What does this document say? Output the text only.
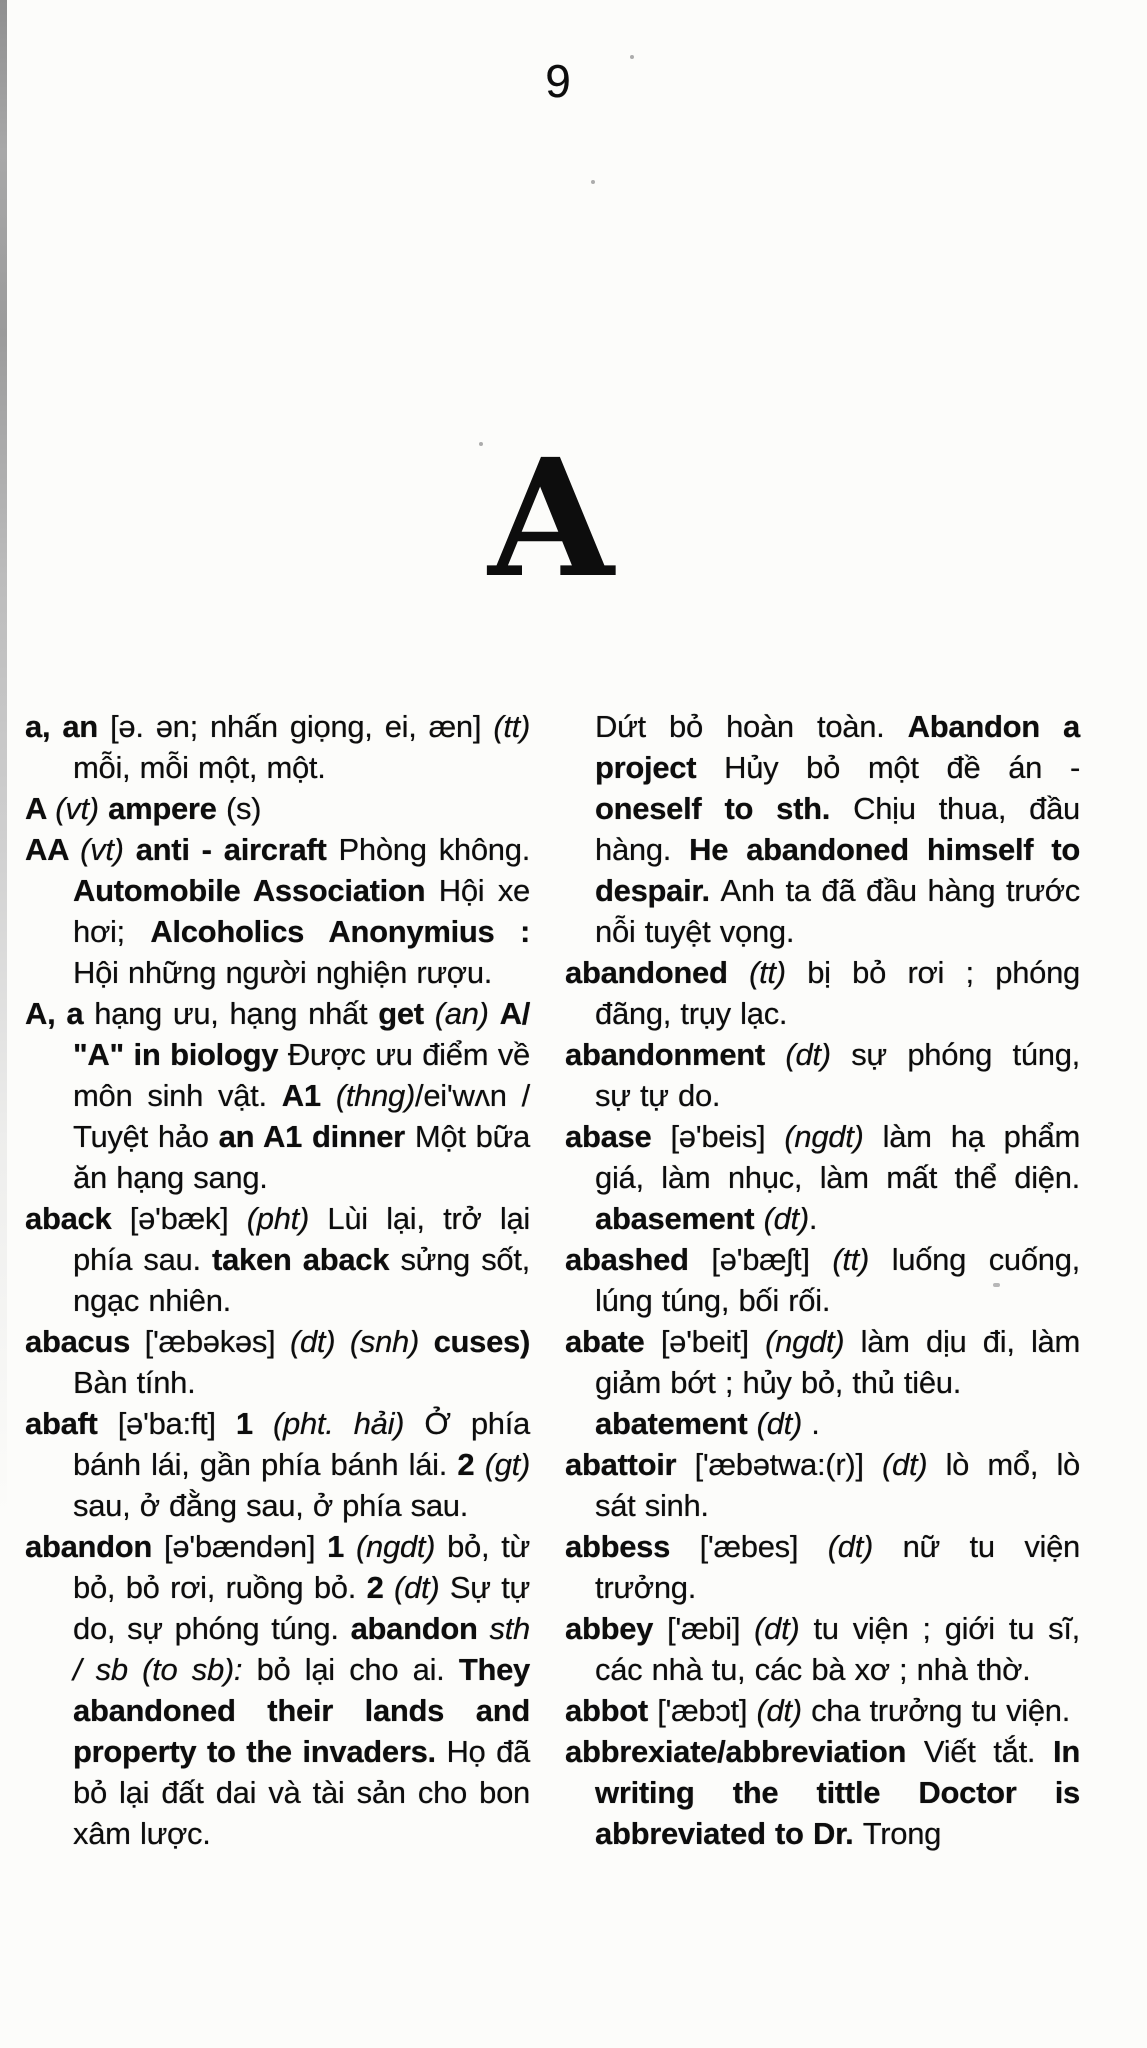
9
A

a, an [ə. ən; nhấn giọng, ei, æn] (tt) mỗi, mỗi một, một.

A (vt) ampere (s)

AA (vt) anti - aircraft Phòng không. Automobile Association Hội xe hơi; Alcoholics Anonymius : Hội những người nghiện rượu.

A, a hạng ưu, hạng nhất get (an) A/ "A" in biology Được ưu điểm về môn sinh vật. A1 (thng)/ei'wʌn / Tuyệt hảo an A1 dinner Một bữa ăn hạng sang.

aback [ə'bæk] (pht) Lùi lại, trở lại phía sau. taken aback sửng sốt, ngạc nhiên.

abacus ['æbəkəs] (dt) (snh) cuses) Bàn tính.

abaft [ə'ba:ft] 1 (pht. hải) Ở phía bánh lái, gần phía bánh lái. 2 (gt) sau, ở đằng sau, ở phía sau.

abandon [ə'bændən] 1 (ngdt) bỏ, từ bỏ, bỏ rơi, ruồng bỏ. 2 (dt) Sự tự do, sự phóng túng. abandon sth / sb (to sb): bỏ lại cho ai. They abandoned their lands and property to the invaders. Họ đã bỏ lại đất dai và tài sản cho bon xâm lược.

Dứt bỏ hoàn toàn. Abandon a project Hủy bỏ một đề án - oneself to sth. Chịu thua, đầu hàng. He abandoned himself to despair. Anh ta đã đầu hàng trước nỗi tuyệt vọng.

abandoned (tt) bị bỏ rơi ; phóng đãng, trụy lạc.

abandonment (dt) sự phóng túng, sự tự do.

abase [ə'beis] (ngdt) làm hạ phẩm giá, làm nhục, làm mất thể diện. abasement (dt).

abashed [ə'bæʃt] (tt) luống cuống, lúng túng, bối rối.

abate [ə'beit] (ngdt) làm dịu đi, làm giảm bớt ; hủy bỏ, thủ tiêu.

abatement (dt) .

abattoir ['æbətwa:(r)] (dt) lò mổ, lò sát sinh.

abbess ['æbes] (dt) nữ tu viện trưởng.

abbey ['æbi] (dt) tu viện ; giới tu sĩ, các nhà tu, các bà xơ ; nhà thờ.

abbot ['æbɔt] (dt) cha trưởng tu viện.

abbrexiate/abbreviation Viết tắt. In writing the tittle Doctor is abbreviated to Dr. Trong
